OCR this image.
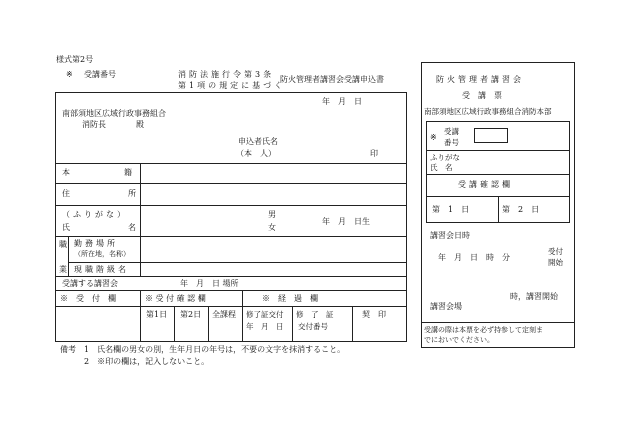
様式第2号
※ 受講番号	消防法施行令第3条
第1項の規定に基づく
防火管理者講習会受講申込書
年　月　日
南部須地区広域行政事務組合
消防長	殿
申込者氏名
（本　人）	印
本	籍
住	所
（ふりがな）
氏	名
男
女
年　月　日生
職
業
勤務場所
（所在地，名称）
現職階級名
受講する講習会	年　月　日 場所
※　受　付　欄	※ 受 付 確 認 欄	※　経　過　欄
第1日 第2日 全課程 修了証交付
年　月　日
修　了　証
交付番号
契　印
備考 1　氏名欄の男女の別，生年月日の年号は，不要の文字を抹消すること。
2　※印の欄は，記入しないこと。
防火管理者講習会
受　講　票
南部須地区広域行政事務組合消防本部
※
受講
番号
ふりがな
氏　名
受講確認欄
第　1　日	第　2　日
講習会日時
年　月　日　時　分
受付
開始
時，講習開始
講習会場
受講の際は本票を必ず持参して定刻ま
でにおいでください。
